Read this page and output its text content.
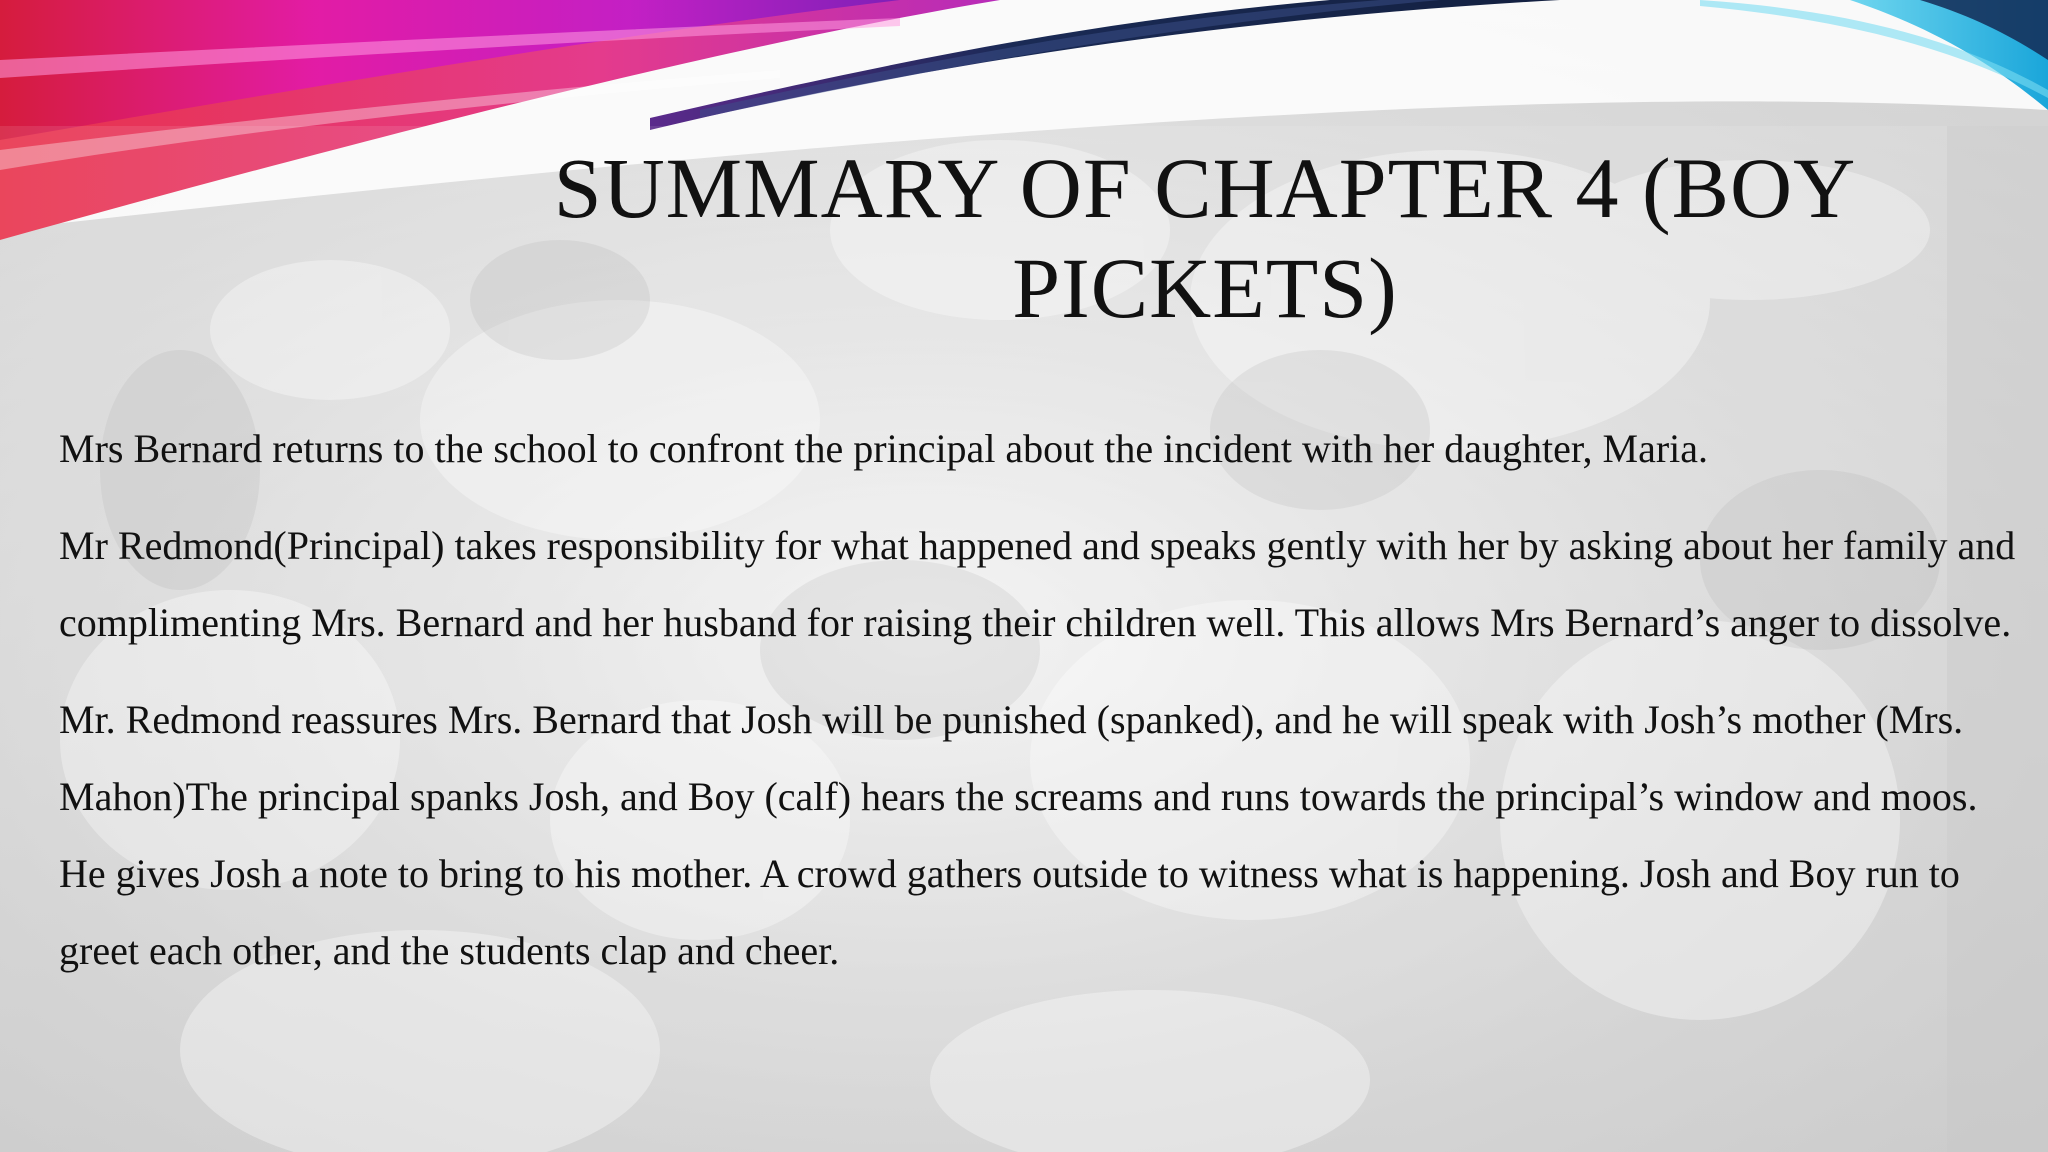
SUMMARY OF CHAPTER 4 (BOY PICKETS)

Mrs Bernard returns to the school to confront the principal about the incident with her daughter, Maria.

Mr Redmond(Principal) takes responsibility for what happened and speaks gently with her by asking about her family and complimenting Mrs. Bernard and her husband for raising their children well. This allows Mrs Bernard’s anger to dissolve.

Mr. Redmond reassures Mrs. Bernard that Josh will be punished (spanked), and he will speak with Josh’s mother (Mrs. Mahon)The principal spanks Josh, and Boy (calf) hears the screams and runs towards the principal’s window and moos. He gives Josh a note to bring to his mother. A crowd gathers outside to witness what is happening. Josh and Boy run to greet each other, and the students clap and cheer.
